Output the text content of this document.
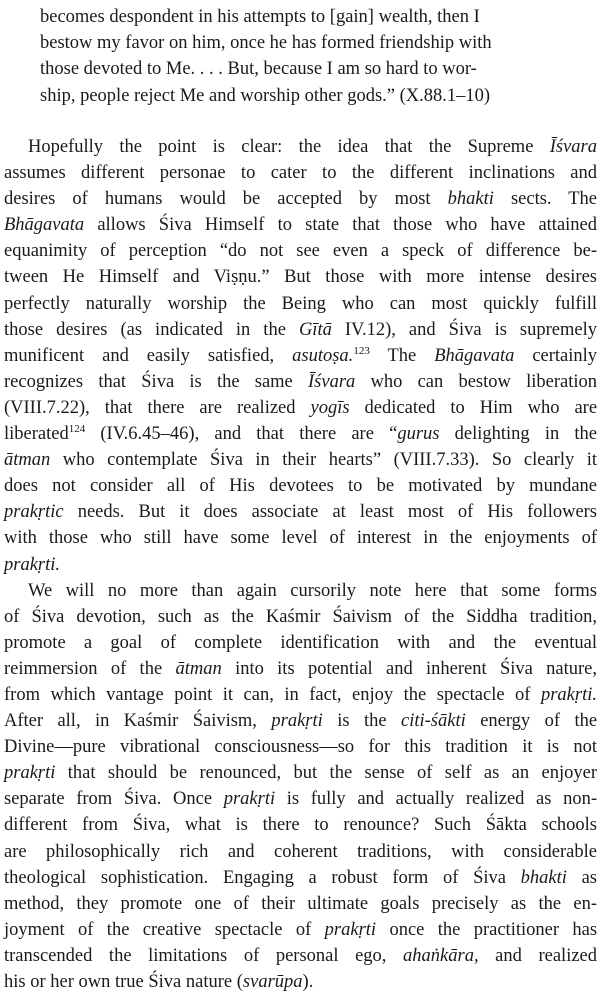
becomes despondent in his attempts to [gain] wealth, then I
bestow my favor on him, once he has formed friendship with
those devoted to Me. . . . But, because I am so hard to wor-
ship, people reject Me and worship other gods.” (X.88.1–10)
Hopefully the point is clear: the idea that the Supreme Īśvara
assumes different personae to cater to the different inclinations and
desires of humans would be accepted by most bhakti sects. The
Bhāgavata allows Śiva Himself to state that those who have attained
equanimity of perception “do not see even a speck of difference be-
tween He Himself and Viṣṇu.” But those with more intense desires
perfectly naturally worship the Being who can most quickly fulfill
those desires (as indicated in the Gītā IV.12), and Śiva is supremely
munificent and easily satisfied, asutoṣa.$^{123}$ The Bhāgavata certainly
recognizes that Śiva is the same Īśvara who can bestow liberation
(VIII.7.22), that there are realized yogīs dedicated to Him who are
liberated$^{124}$ (IV.6.45–46), and that there are “gurus delighting in the
ātman who contemplate Śiva in their hearts” (VIII.7.33). So clearly it
does not consider all of His devotees to be motivated by mundane
prakṛtic needs. But it does associate at least most of His followers
with those who still have some level of interest in the enjoyments of
prakṛti.
We will no more than again cursorily note here that some forms
of Śiva devotion, such as the Kaśmir Śaivism of the Siddha tradition,
promote a goal of complete identification with and the eventual
reimmersion of the ātman into its potential and inherent Śiva nature,
from which vantage point it can, in fact, enjoy the spectacle of prakṛti.
After all, in Kaśmir Śaivism, prakṛti is the citi-śākti energy of the
Divine—pure vibrational consciousness—so for this tradition it is not
prakṛti that should be renounced, but the sense of self as an enjoyer
separate from Śiva. Once prakṛti is fully and actually realized as non-
different from Śiva, what is there to renounce? Such Śākta schools
are philosophically rich and coherent traditions, with considerable
theological sophistication. Engaging a robust form of Śiva bhakti as
method, they promote one of their ultimate goals precisely as the en-
joyment of the creative spectacle of prakṛti once the practitioner has
transcended the limitations of personal ego, ahaṅkāra, and realized
his or her own true Śiva nature (svarūpa).
